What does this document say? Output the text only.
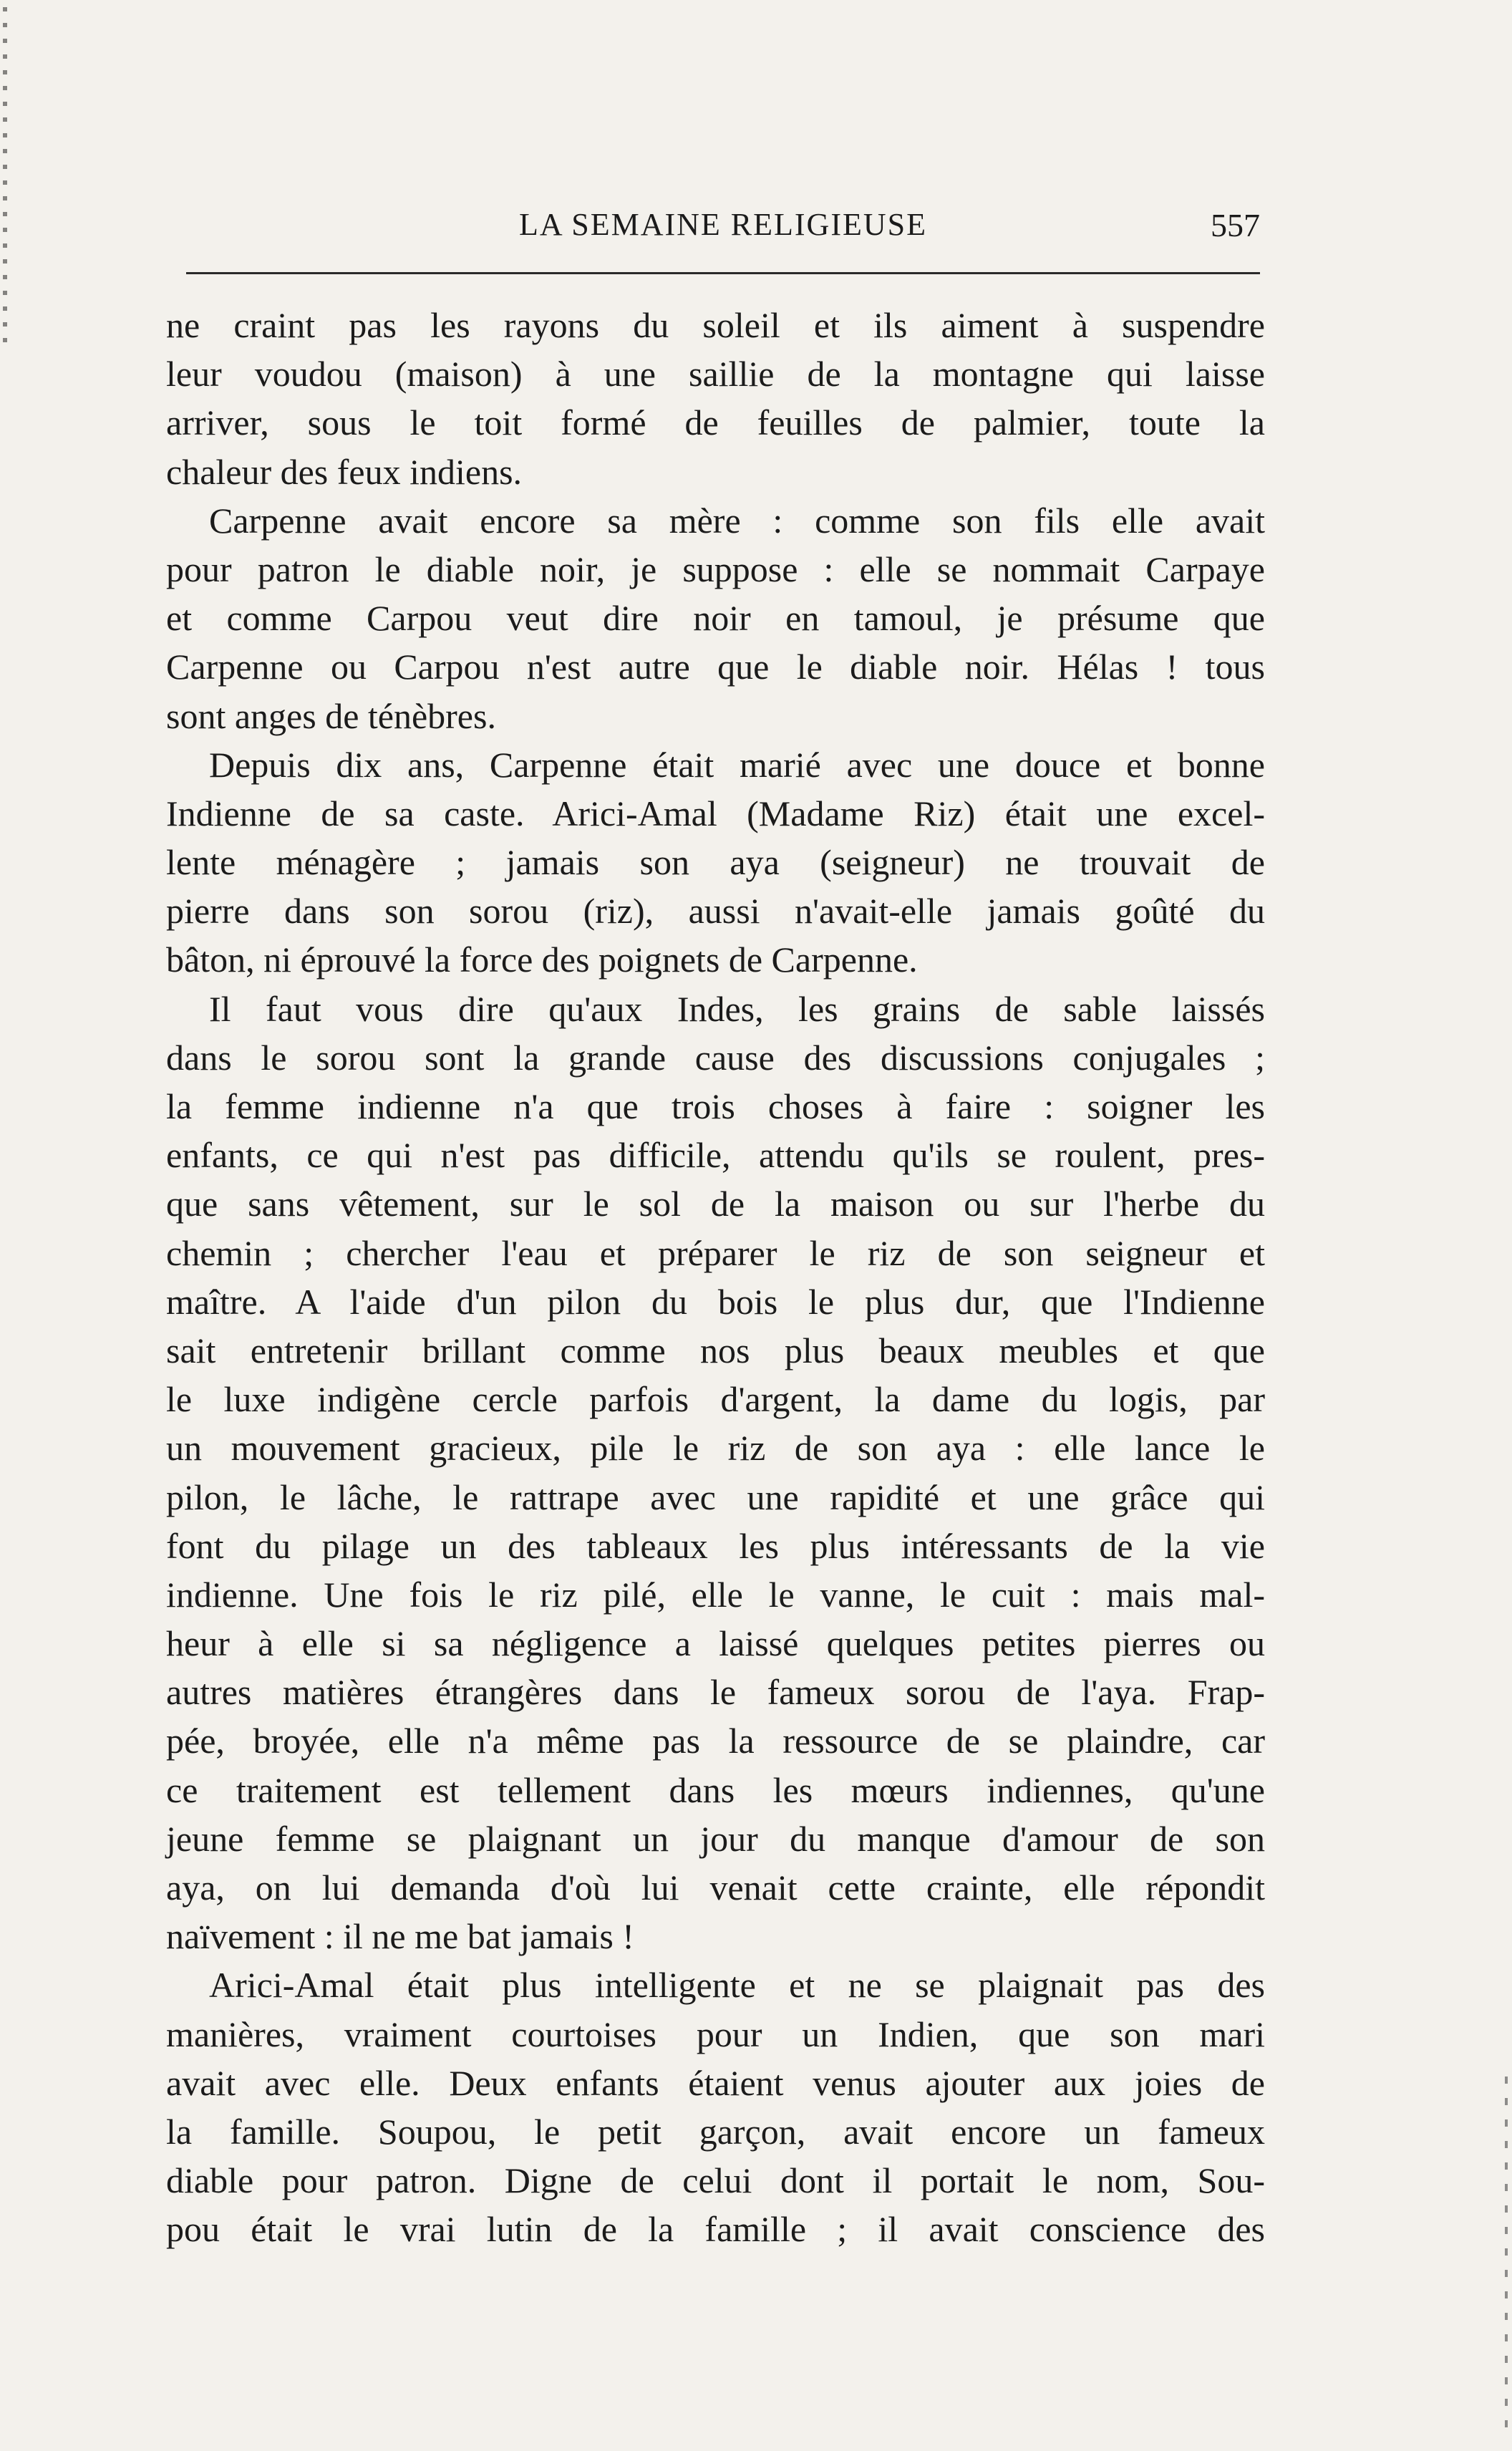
LA SEMAINE RELIGIEUSE	557
ne craint pas les rayons du soleil et ils aiment à suspendre
leur voudou (maison) à une saillie de la montagne qui laisse
arriver, sous le toit formé de feuilles de palmier, toute la
chaleur des feux indiens.
Carpenne avait encore sa mère : comme son fils elle avait
pour patron le diable noir, je suppose : elle se nommait Carpaye
et comme Carpou veut dire noir en tamoul, je présume que
Carpenne ou Carpou n'est autre que le diable noir. Hélas ! tous
sont anges de ténèbres.
Depuis dix ans, Carpenne était marié avec une douce et bonne
Indienne de sa caste. Arici-Amal (Madame Riz) était une excel-
lente ménagère ; jamais son aya (seigneur) ne trouvait de
pierre dans son sorou (riz), aussi n'avait-elle jamais goûté du
bâton, ni éprouvé la force des poignets de Carpenne.
Il faut vous dire qu'aux Indes, les grains de sable laissés
dans le sorou sont la grande cause des discussions conjugales ;
la femme indienne n'a que trois choses à faire : soigner les
enfants, ce qui n'est pas difficile, attendu qu'ils se roulent, pres-
que sans vêtement, sur le sol de la maison ou sur l'herbe du
chemin ; chercher l'eau et préparer le riz de son seigneur et
maître. A l'aide d'un pilon du bois le plus dur, que l'Indienne
sait entretenir brillant comme nos plus beaux meubles et que
le luxe indigène cercle parfois d'argent, la dame du logis, par
un mouvement gracieux, pile le riz de son aya : elle lance le
pilon, le lâche, le rattrape avec une rapidité et une grâce qui
font du pilage un des tableaux les plus intéressants de la vie
indienne. Une fois le riz pilé, elle le vanne, le cuit : mais mal-
heur à elle si sa négligence a laissé quelques petites pierres ou
autres matières étrangères dans le fameux sorou de l'aya. Frap-
pée, broyée, elle n'a même pas la ressource de se plaindre, car
ce traitement est tellement dans les mœurs indiennes, qu'une
jeune femme se plaignant un jour du manque d'amour de son
aya, on lui demanda d'où lui venait cette crainte, elle répondit
naïvement : il ne me bat jamais !
Arici-Amal était plus intelligente et ne se plaignait pas des
manières, vraiment courtoises pour un Indien, que son mari
avait avec elle. Deux enfants étaient venus ajouter aux joies de
la famille. Soupou, le petit garçon, avait encore un fameux
diable pour patron. Digne de celui dont il portait le nom, Sou-
pou était le vrai lutin de la famille ; il avait conscience des
